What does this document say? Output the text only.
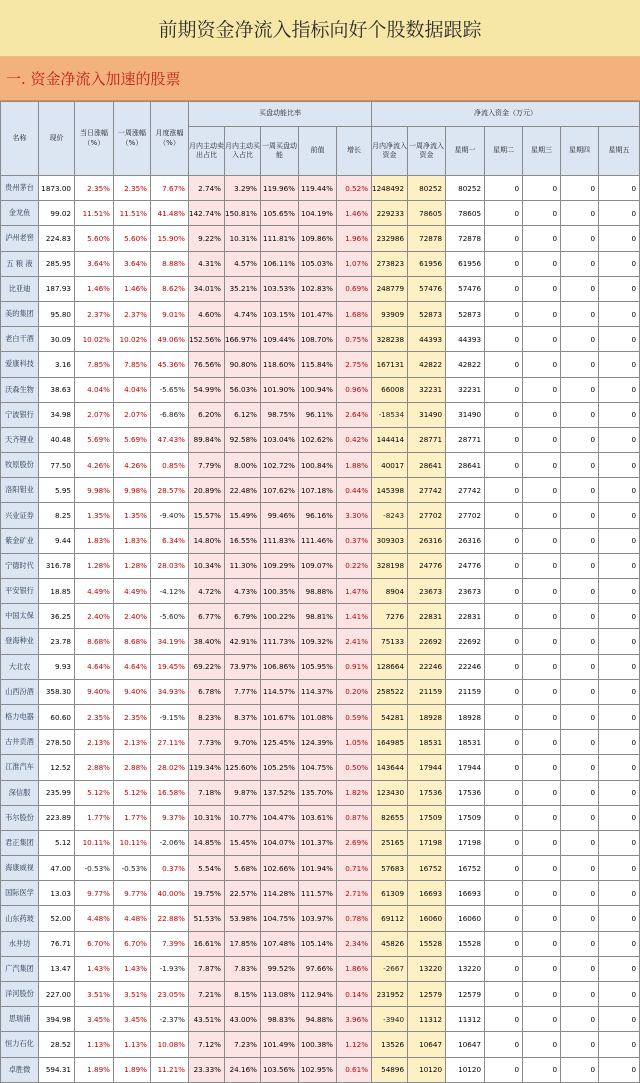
前期资金净流入指标向好个股数据跟踪
一. 资金净流入加速的股票
名称	现价	当日涨幅（%）	一周涨幅（%）	月度涨幅（%）	买盘动能比率					净流入资金（万元）						
					月内主动卖出占比	月内主动买入占比	一周买盘动能	前值	增长	月内净流入资金	一周净流入资金	星期一	星期二	星期三	星期四	星期五
贵州茅台	1873.00	2.35%	2.35%	7.67%	2.74%	3.29%	119.96%	119.44%	0.52%	1248492	80252	80252	0	0	0	0
金龙鱼	99.02	11.51%	11.51%	41.48%	142.74%	150.81%	105.65%	104.19%	1.46%	229233	78605	78605	0	0	0	0
泸州老窖	224.83	5.60%	5.60%	15.90%	9.22%	10.31%	111.81%	109.86%	1.96%	232986	72878	72878	0	0	0	0
五 粮 液	285.95	3.64%	3.64%	8.88%	4.31%	4.57%	106.11%	105.03%	1.07%	273823	61956	61956	0	0	0	0
比亚迪	187.93	1.46%	1.46%	8.62%	34.01%	35.21%	103.53%	102.83%	0.69%	248779	57476	57476	0	0	0	0
美的集团	95.80	2.37%	2.37%	9.01%	4.60%	4.74%	103.15%	101.47%	1.68%	93909	52873	52873	0	0	0	0
老白干酒	30.09	10.02%	10.02%	49.06%	152.56%	166.97%	109.44%	108.70%	0.75%	328238	44393	44393	0	0	0	0
爱康科技	3.16	7.85%	7.85%	45.36%	76.56%	90.80%	118.60%	115.84%	2.75%	167131	42822	42822	0	0	0	0
沃森生物	38.63	4.04%	4.04%	-5.65%	54.99%	56.03%	101.90%	100.94%	0.96%	66008	32231	32231	0	0	0	0
宁波银行	34.98	2.07%	2.07%	-6.86%	6.20%	6.12%	98.75%	96.11%	2.64%	-18534	31490	31490	0	0	0	0
天齐锂业	40.48	5.69%	5.69%	47.43%	89.84%	92.58%	103.04%	102.62%	0.42%	144414	28771	28771	0	0	0	0
牧原股份	77.50	4.26%	4.26%	0.85%	7.79%	8.00%	102.72%	100.84%	1.88%	40017	28641	28641	0	0	0	0
洛阳钼业	5.95	9.98%	9.98%	28.57%	20.89%	22.48%	107.62%	107.18%	0.44%	145398	27742	27742	0	0	0	0
兴业证券	8.25	1.35%	1.35%	-9.40%	15.57%	15.49%	99.46%	96.16%	3.30%	-8243	27702	27702	0	0	0	0
紫金矿业	9.44	1.83%	1.83%	6.34%	14.80%	16.55%	111.83%	111.46%	0.37%	309303	26316	26316	0	0	0	0
宁德时代	316.78	1.28%	1.28%	28.03%	10.34%	11.30%	109.29%	109.07%	0.22%	328198	24776	24776	0	0	0	0
平安银行	18.85	4.49%	4.49%	-4.12%	4.72%	4.73%	100.35%	98.88%	1.47%	8904	23673	23673	0	0	0	0
中国太保	36.25	2.40%	2.40%	-5.60%	6.77%	6.79%	100.22%	98.81%	1.41%	7276	22831	22831	0	0	0	0
登海种业	23.78	8.68%	8.68%	34.19%	38.40%	42.91%	111.73%	109.32%	2.41%	75133	22692	22692	0	0	0	0
大北农	9.93	4.64%	4.64%	19.45%	69.22%	73.97%	106.86%	105.95%	0.91%	128664	22246	22246	0	0	0	0
山西汾酒	358.30	9.40%	9.40%	34.93%	6.78%	7.77%	114.57%	114.37%	0.20%	258522	21159	21159	0	0	0	0
格力电器	60.60	2.35%	2.35%	-9.15%	8.23%	8.37%	101.67%	101.08%	0.59%	54281	18928	18928	0	0	0	0
古井贡酒	278.50	2.13%	2.13%	27.11%	7.73%	9.70%	125.45%	124.39%	1.05%	164985	18531	18531	0	0	0	0
江淮汽车	12.52	2.88%	2.88%	28.02%	119.34%	125.60%	105.25%	104.75%	0.50%	143644	17944	17944	0	0	0	0
深信服	235.99	5.12%	5.12%	16.58%	7.18%	9.87%	137.52%	135.70%	1.82%	123430	17536	17536	0	0	0	0
韦尔股份	223.89	1.77%	1.77%	9.37%	10.31%	10.77%	104.47%	103.61%	0.87%	82655	17509	17509	0	0	0	0
君正集团	5.12	10.11%	10.11%	-2.06%	14.85%	15.45%	104.07%	101.37%	2.69%	25165	17198	17198	0	0	0	0
海康威视	47.00	-0.53%	-0.53%	0.37%	5.54%	5.68%	102.66%	101.94%	0.71%	57683	16752	16752	0	0	0	0
国际医学	13.03	9.77%	9.77%	40.00%	19.75%	22.57%	114.28%	111.57%	2.71%	61309	16693	16693	0	0	0	0
山东药玻	52.00	4.48%	4.48%	22.88%	51.53%	53.98%	104.75%	103.97%	0.78%	69112	16060	16060	0	0	0	0
水井坊	76.71	6.70%	6.70%	7.39%	16.61%	17.85%	107.48%	105.14%	2.34%	45826	15528	15528	0	0	0	0
广汽集团	13.47	1.43%	1.43%	-1.93%	7.87%	7.83%	99.52%	97.66%	1.86%	-2667	13220	13220	0	0	0	0
洋河股份	227.00	3.51%	3.51%	23.05%	7.21%	8.15%	113.08%	112.94%	0.14%	231952	12579	12579	0	0	0	0
思瑞浦	394.98	3.45%	3.45%	-2.37%	43.51%	43.00%	98.83%	94.88%	3.96%	-3940	11312	11312	0	0	0	0
恒力石化	28.52	1.13%	1.13%	10.08%	7.12%	7.23%	101.49%	100.38%	1.12%	13526	10647	10647	0	0	0	0
卓胜微	594.31	1.89%	1.89%	11.21%	23.33%	24.16%	103.56%	102.95%	0.61%	54896	10120	10120	0	0	0	0
